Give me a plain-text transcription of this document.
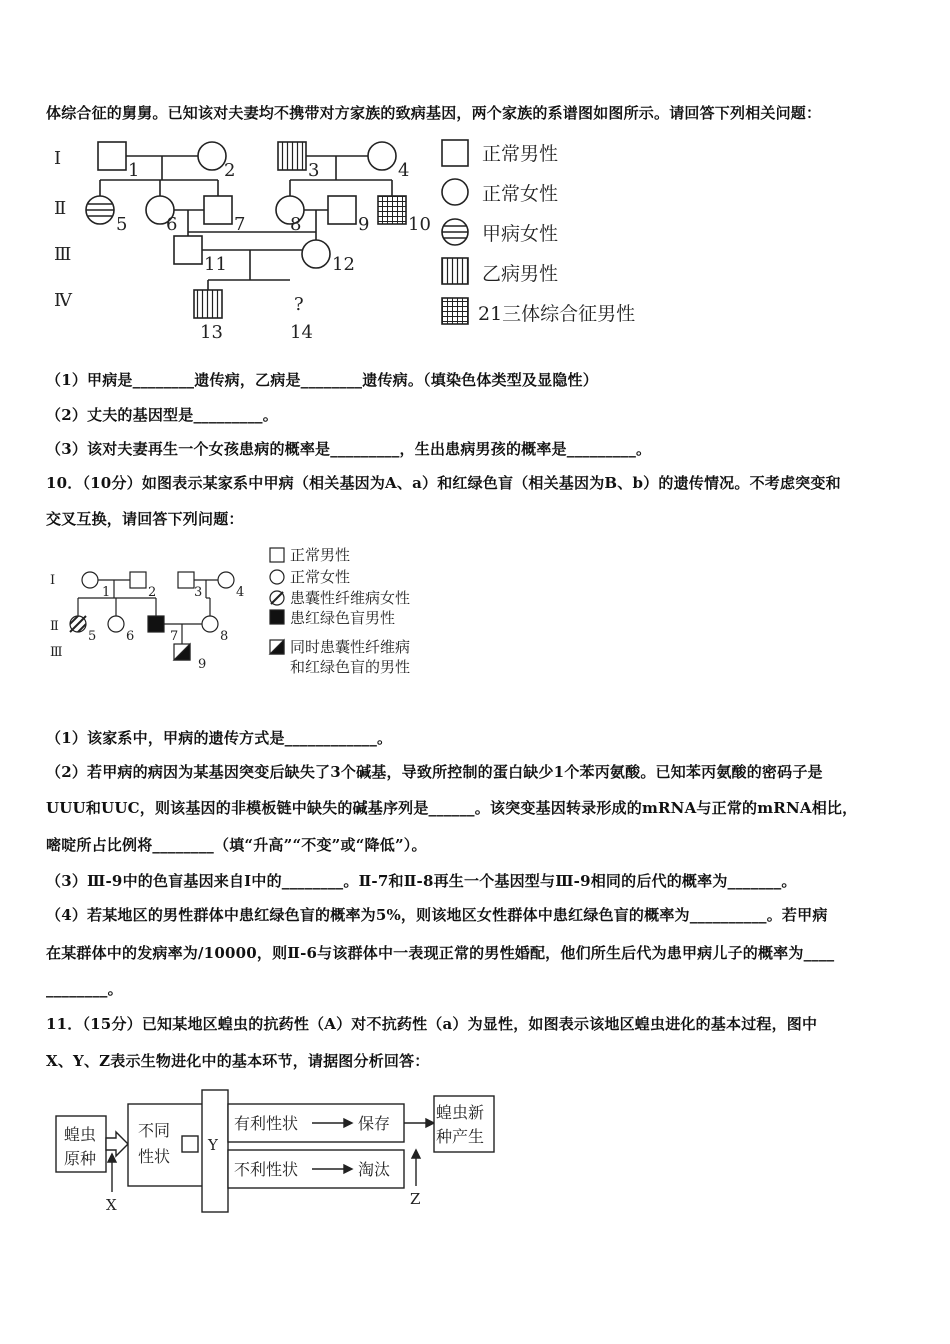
体综合征的舅舅。已知该对夫妻均不携带对方家族的致病基因，两个家族的系谱图如图所示。请回答下列相关问题：
Ⅰ
Ⅱ
Ⅲ
Ⅳ
1	2	3	4
5 6	7 8	9 10
11	12
13
?
14
正常男性
正常女性
甲病女性
乙病男性
21三体综合征男性
（1）甲病是________遗传病，乙病是________遗传病。（填染色体类型及显隐性）
（2）丈夫的基因型是_________。
（3）该对夫妻再生一个女孩患病的概率是_________，生出患病男孩的概率是_________。
10．（10分）如图表示某家系中甲病（相关基因为A、a）和红绿色盲（相关基因为B、b）的遗传情况。不考虑突变和
交叉互换，请回答下列问题：
Ⅰ
Ⅱ
Ⅲ
1	2	3	4
5 6	7	8
9
正常男性
正常女性
患囊性纤维病女性
患红绿色盲男性
同时患囊性纤维病
和红绿色盲的男性
（1）该家系中，甲病的遗传方式是____________。
（2）若甲病的病因为某基因突变后缺失了3个碱基，导致所控制的蛋白缺少1个苯丙氨酸。已知苯丙氨酸的密码子是
UUU和UUC，则该基因的非模板链中缺失的碱基序列是______。该突变基因转录形成的mRNA与正常的mRNA相比，
嘧啶所占比例将________（填“升高”“不变”或“降低”）。
（3）Ⅲ-9中的色盲基因来自Ⅰ中的________。Ⅱ-7和Ⅱ-8再生一个基因型与Ⅲ-9相同的后代的概率为_______。
（4）若某地区的男性群体中患红绿色盲的概率为5%，则该地区女性群体中患红绿色盲的概率为__________。若甲病
在某群体中的发病率为/10000，则Ⅱ-6与该群体中一表现正常的男性婚配，他们所生后代为患甲病儿子的概率为____
________。
11．（15分）已知某地区蝗虫的抗药性（A）对不抗药性（a）为显性，如图表示该地区蝗虫进化的基本过程，图中
X、Y、Z表示生物进化中的基本环节，请据图分析回答：
蝗虫
原种
不同
性状
Y
有利性状	保存
不利性状	淘汰
蝗虫新
种产生
X	Z
